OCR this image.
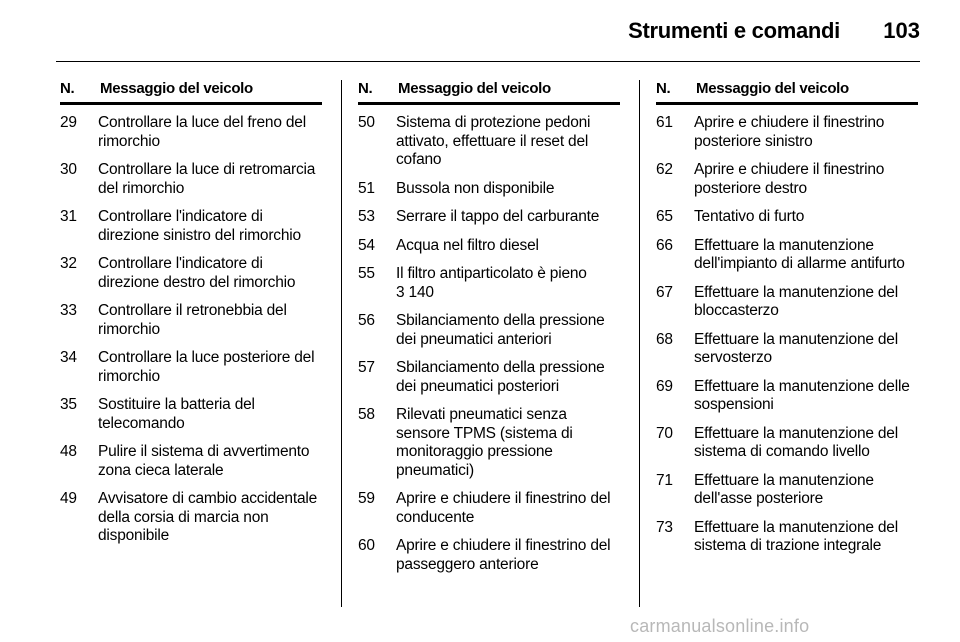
Strumenti e comandi 103
N.	Messaggio del veicolo
29	Controllare la luce del freno del rimorchio
30	Controllare la luce di retromarcia del rimorchio
31	Controllare l'indicatore di direzione sinistro del rimorchio
32	Controllare l'indicatore di direzione destro del rimorchio
33	Controllare il retronebbia del rimorchio
34	Controllare la luce posteriore del rimorchio
35	Sostituire la batteria del telecomando
48	Pulire il sistema di avvertimento zona cieca laterale
49	Avvisatore di cambio accidentale della corsia di marcia non disponibile
N.	Messaggio del veicolo
50	Sistema di protezione pedoni attivato, effettuare il reset del cofano
51	Bussola non disponibile
53	Serrare il tappo del carburante
54	Acqua nel filtro diesel
55	Il filtro antiparticolato è pieno
3 140
56	Sbilanciamento della pressione dei pneumatici anteriori
57	Sbilanciamento della pressione dei pneumatici posteriori
58	Rilevati pneumatici senza sensore TPMS (sistema di monitoraggio pressione pneumatici)
59	Aprire e chiudere il finestrino del conducente
60	Aprire e chiudere il finestrino del passeggero anteriore
N.	Messaggio del veicolo
61	Aprire e chiudere il finestrino posteriore sinistro
62	Aprire e chiudere il finestrino posteriore destro
65	Tentativo di furto
66	Effettuare la manutenzione dell'impianto di allarme antifurto
67	Effettuare la manutenzione del bloccasterzo
68	Effettuare la manutenzione del servosterzo
69	Effettuare la manutenzione delle sospensioni
70	Effettuare la manutenzione del sistema di comando livello
71	Effettuare la manutenzione dell'asse posteriore
73	Effettuare la manutenzione del sistema di trazione integrale
carmanualsonline.info
